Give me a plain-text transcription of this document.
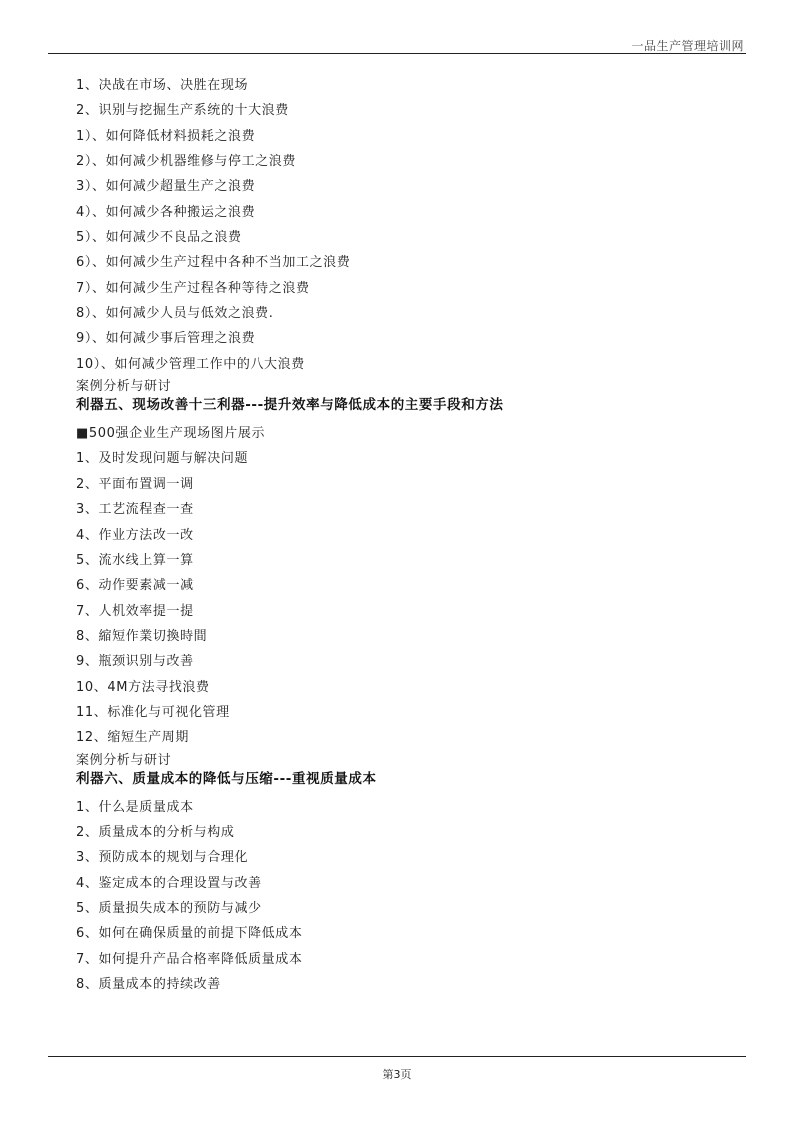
一品生产管理培训网
1、决战在市场、决胜在现场
2、识别与挖掘生产系统的十大浪费
1）、如何降低材料损耗之浪费
2）、如何减少机器维修与停工之浪费
3）、如何减少超量生产之浪费
4）、如何减少各种搬运之浪费
5）、如何减少不良品之浪费
6）、如何减少生产过程中各种不当加工之浪费
7）、如何减少生产过程各种等待之浪费
8）、如何减少人员与低效之浪费.
9）、如何减少事后管理之浪费
10）、如何减少管理工作中的八大浪费
案例分析与研讨
利器五、现场改善十三利器---提升效率与降低成本的主要手段和方法
■500强企业生产现场图片展示
1、及时发现问题与解决问题
2、平面布置调一调
3、工艺流程查一查
4、作业方法改一改
5、流水线上算一算
6、动作要素减一减
7、人机效率提一提
8、縮短作業切換時間
9、瓶颈识别与改善
10、4M方法寻找浪费
11、标准化与可视化管理
12、缩短生产周期
案例分析与研讨
利器六、质量成本的降低与压缩---重视质量成本
1、什么是质量成本
2、质量成本的分析与构成
3、预防成本的规划与合理化
4、鉴定成本的合理设置与改善
5、质量损失成本的预防与减少
6、如何在确保质量的前提下降低成本
7、如何提升产品合格率降低质量成本
8、质量成本的持续改善
第3页
